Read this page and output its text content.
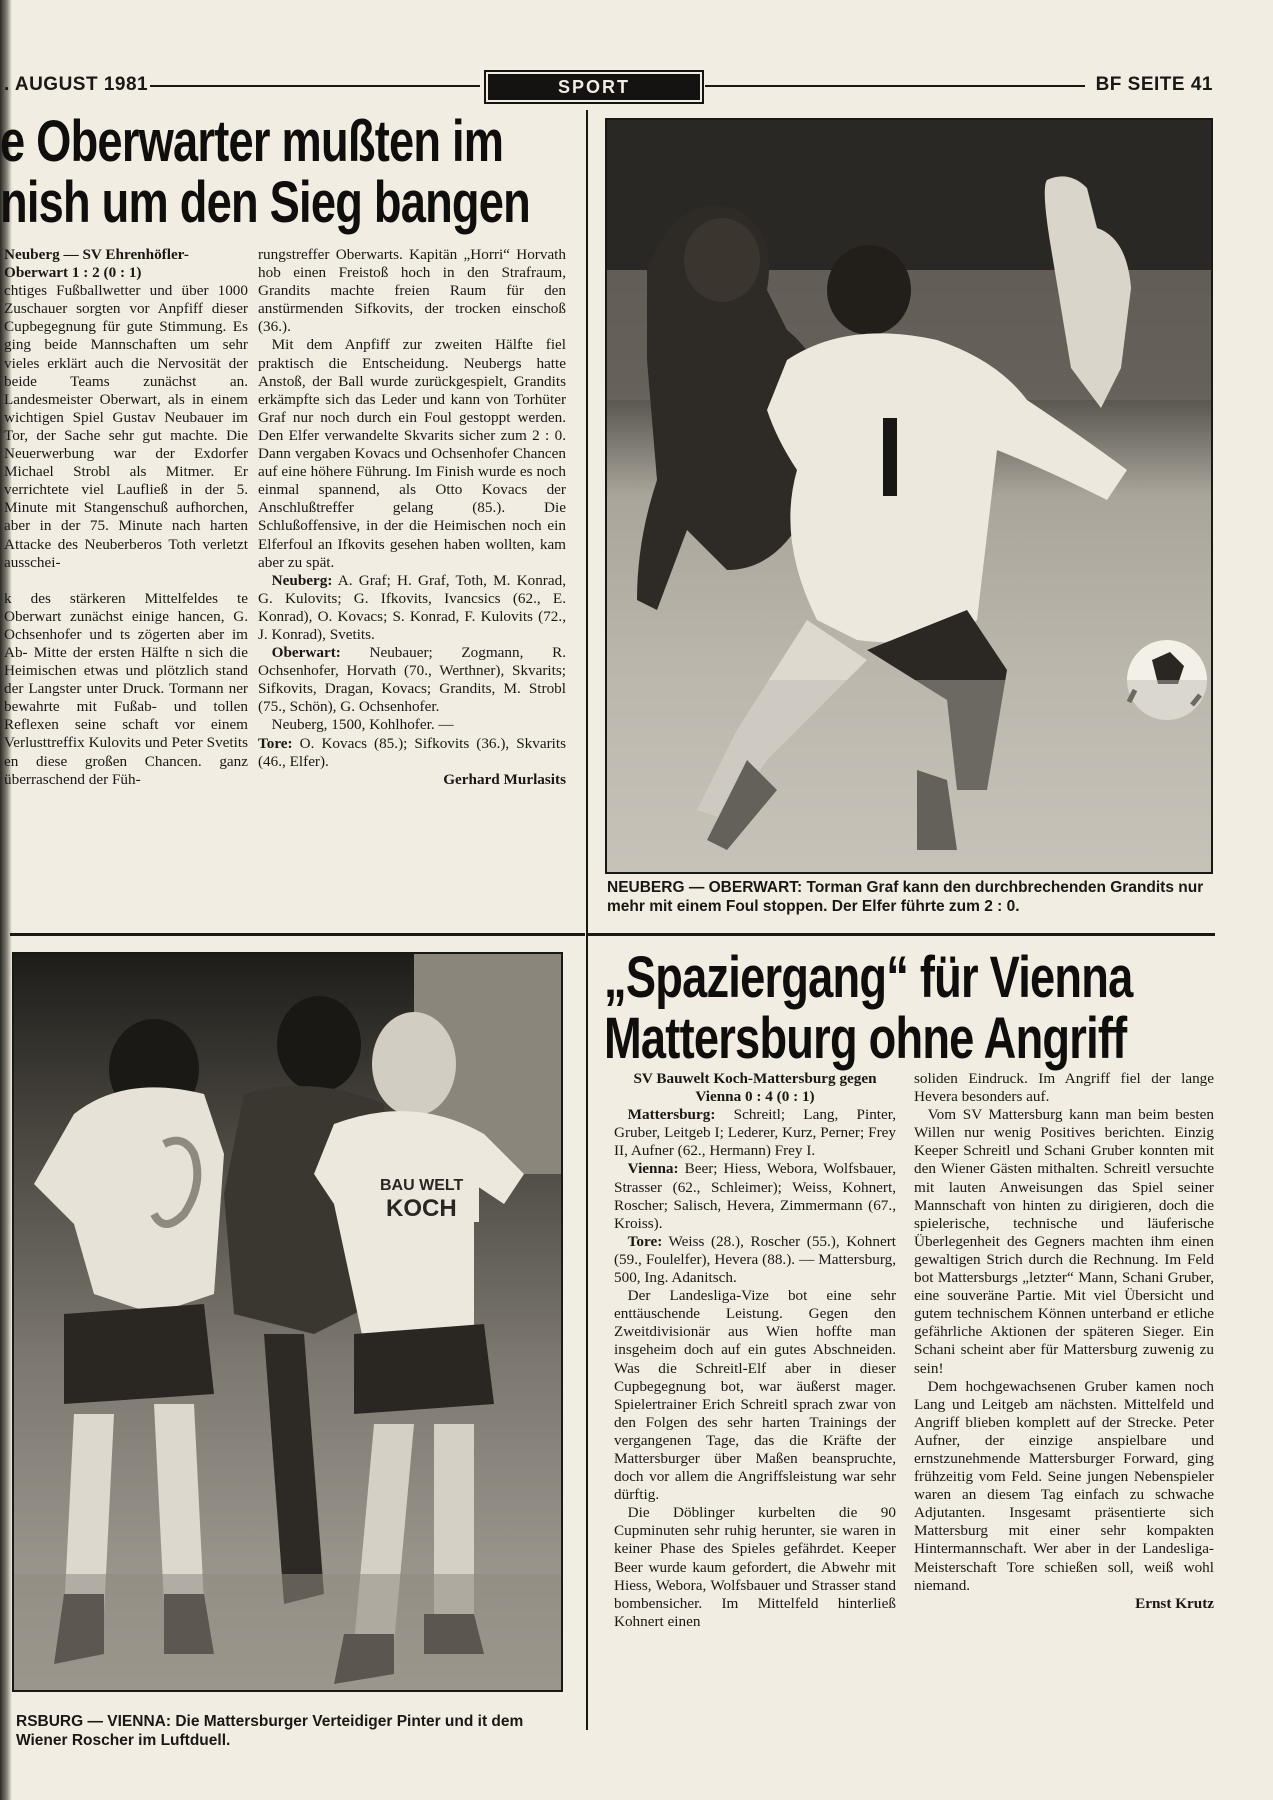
. AUGUST 1981	SPORT	BF SEITE 41
e Oberwarter mußten im
nish um den Sieg bangen

Neuberg — SV Ehrenhöfler-Oberwart 1 : 2 (0 : 1)

chtiges Fußballwetter und über 1000 Zuschauer sorgten vor Anpfiff dieser Cupbegegnung für gute Stimmung. Es ging beide Mannschaften um sehr vieles erklärt auch die Nervosität der beide Teams zunächst an. Landesmeister Oberwart, als in einem wichtigen Spiel Gustav Neubauer im Tor, der Sache sehr gut machte. Die Neuerwerbung war der Exdorfer Michael Strobl als Mitmer. Er verrichtete viel Laufließ in der 5. Minute mit Stangenschuß aufhorchen, aber in der 75. Minute nach harten Attacke des Neuberberos Toth verletzt ausschei-

k des stärkeren Mittelfeldes te Oberwart zunächst einige hancen, G. Ochsenhofer und ts zögerten aber im Ab- Mitte der ersten Hälfte n sich die Heimischen etwas und plötzlich stand der Langster unter Druck. Tormann ner bewahrte mit Fußab- und tollen Reflexen seine schaft vor einem Verlusttreffix Kulovits und Peter Svetits en diese großen Chancen. ganz überraschend der Füh-

rungstreffer Oberwarts. Kapitän „Horri“ Horvath hob einen Freistoß hoch in den Strafraum, Grandits machte freien Raum für den anstürmenden Sifkovits, der trocken einschoß (36.).

Mit dem Anpfiff zur zweiten Hälfte fiel praktisch die Entscheidung. Neubergs hatte Anstoß, der Ball wurde zurückgespielt, Grandits erkämpfte sich das Leder und kann von Torhüter Graf nur noch durch ein Foul gestoppt werden. Den Elfer verwandelte Skvarits sicher zum 2 : 0. Dann vergaben Kovacs und Ochsenhofer Chancen auf eine höhere Führung. Im Finish wurde es noch einmal spannend, als Otto Kovacs der Anschlußtreffer gelang (85.). Die Schlußoffensive, in der die Heimischen noch ein Elferfoul an Ifkovits gesehen haben wollten, kam aber zu spät.

Neuberg: A. Graf; H. Graf, Toth, M. Konrad, G. Kulovits; G. Ifkovits, Ivancsics (62., E. Konrad), O. Kovacs; S. Konrad, F. Kulovits (72., J. Konrad), Svetits.

Oberwart: Neubauer; Zogmann, R. Ochsenhofer, Horvath (70., Werthner), Skvarits; Sifkovits, Dragan, Kovacs; Grandits, M. Strobl (75., Schön), G. Ochsenhofer.

Neuberg, 1500, Kohlhofer. —

Tore: O. Kovacs (85.); Sifkovits (36.), Skvarits (46., Elfer).

Gerhard Murlasits

NEUBERG — OBERWART: Torman Graf kann den durchbrechenden Grandits nur mehr mit einem Foul stoppen. Der Elfer führte zum 2 : 0.
BAU WELT
KOCH
RSBURG — VIENNA: Die Mattersburger Verteidiger Pinter und it dem Wiener Roscher im Luftduell.
„Spaziergang“ für Vienna
Mattersburg ohne Angriff

SV Bauwelt Koch-Mattersburg gegen Vienna 0 : 4 (0 : 1)

Mattersburg: Schreitl; Lang, Pinter, Gruber, Leitgeb I; Lederer, Kurz, Perner; Frey II, Aufner (62., Hermann) Frey I.

Vienna: Beer; Hiess, Webora, Wolfsbauer, Strasser (62., Schleimer); Weiss, Kohnert, Roscher; Salisch, Hevera, Zimmermann (67., Kroiss).

Tore: Weiss (28.), Roscher (55.), Kohnert (59., Foulelfer), Hevera (88.). — Mattersburg, 500, Ing. Adanitsch.

Der Landesliga-Vize bot eine sehr enttäuschende Leistung. Gegen den Zweitdivisionär aus Wien hoffte man insgeheim doch auf ein gutes Abschneiden. Was die Schreitl-Elf aber in dieser Cupbegegnung bot, war äußerst mager. Spielertrainer Erich Schreitl sprach zwar von den Folgen des sehr harten Trainings der vergangenen Tage, das die Kräfte der Mattersburger über Maßen beanspruchte, doch vor allem die Angriffsleistung war sehr dürftig.

Die Döblinger kurbelten die 90 Cupminuten sehr ruhig herunter, sie waren in keiner Phase des Spieles gefährdet. Keeper Beer wurde kaum gefordert, die Abwehr mit Hiess, Webora, Wolfsbauer und Strasser stand bombensicher. Im Mittelfeld hinterließ Kohnert einen

soliden Eindruck. Im Angriff fiel der lange Hevera besonders auf.

Vom SV Mattersburg kann man beim besten Willen nur wenig Positives berichten. Einzig Keeper Schreitl und Schani Gruber konnten mit den Wiener Gästen mithalten. Schreitl versuchte mit lauten Anweisungen das Spiel seiner Mannschaft von hinten zu dirigieren, doch die spielerische, technische und läuferische Überlegenheit des Gegners machten ihm einen gewaltigen Strich durch die Rechnung. Im Feld bot Mattersburgs „letzter“ Mann, Schani Gruber, eine souveräne Partie. Mit viel Übersicht und gutem technischem Können unterband er etliche gefährliche Aktionen der späteren Sieger. Ein Schani scheint aber für Mattersburg zuwenig zu sein!

Dem hochgewachsenen Gruber kamen noch Lang und Leitgeb am nächsten. Mittelfeld und Angriff blieben komplett auf der Strecke. Peter Aufner, der einzige anspielbare und ernstzunehmende Mattersburger Forward, ging frühzeitig vom Feld. Seine jungen Nebenspieler waren an diesem Tag einfach zu schwache Adjutanten. Insgesamt präsentierte sich Mattersburg mit einer sehr kompakten Hintermannschaft. Wer aber in der Landesliga-Meisterschaft Tore schießen soll, weiß wohl niemand.

Ernst Krutz
